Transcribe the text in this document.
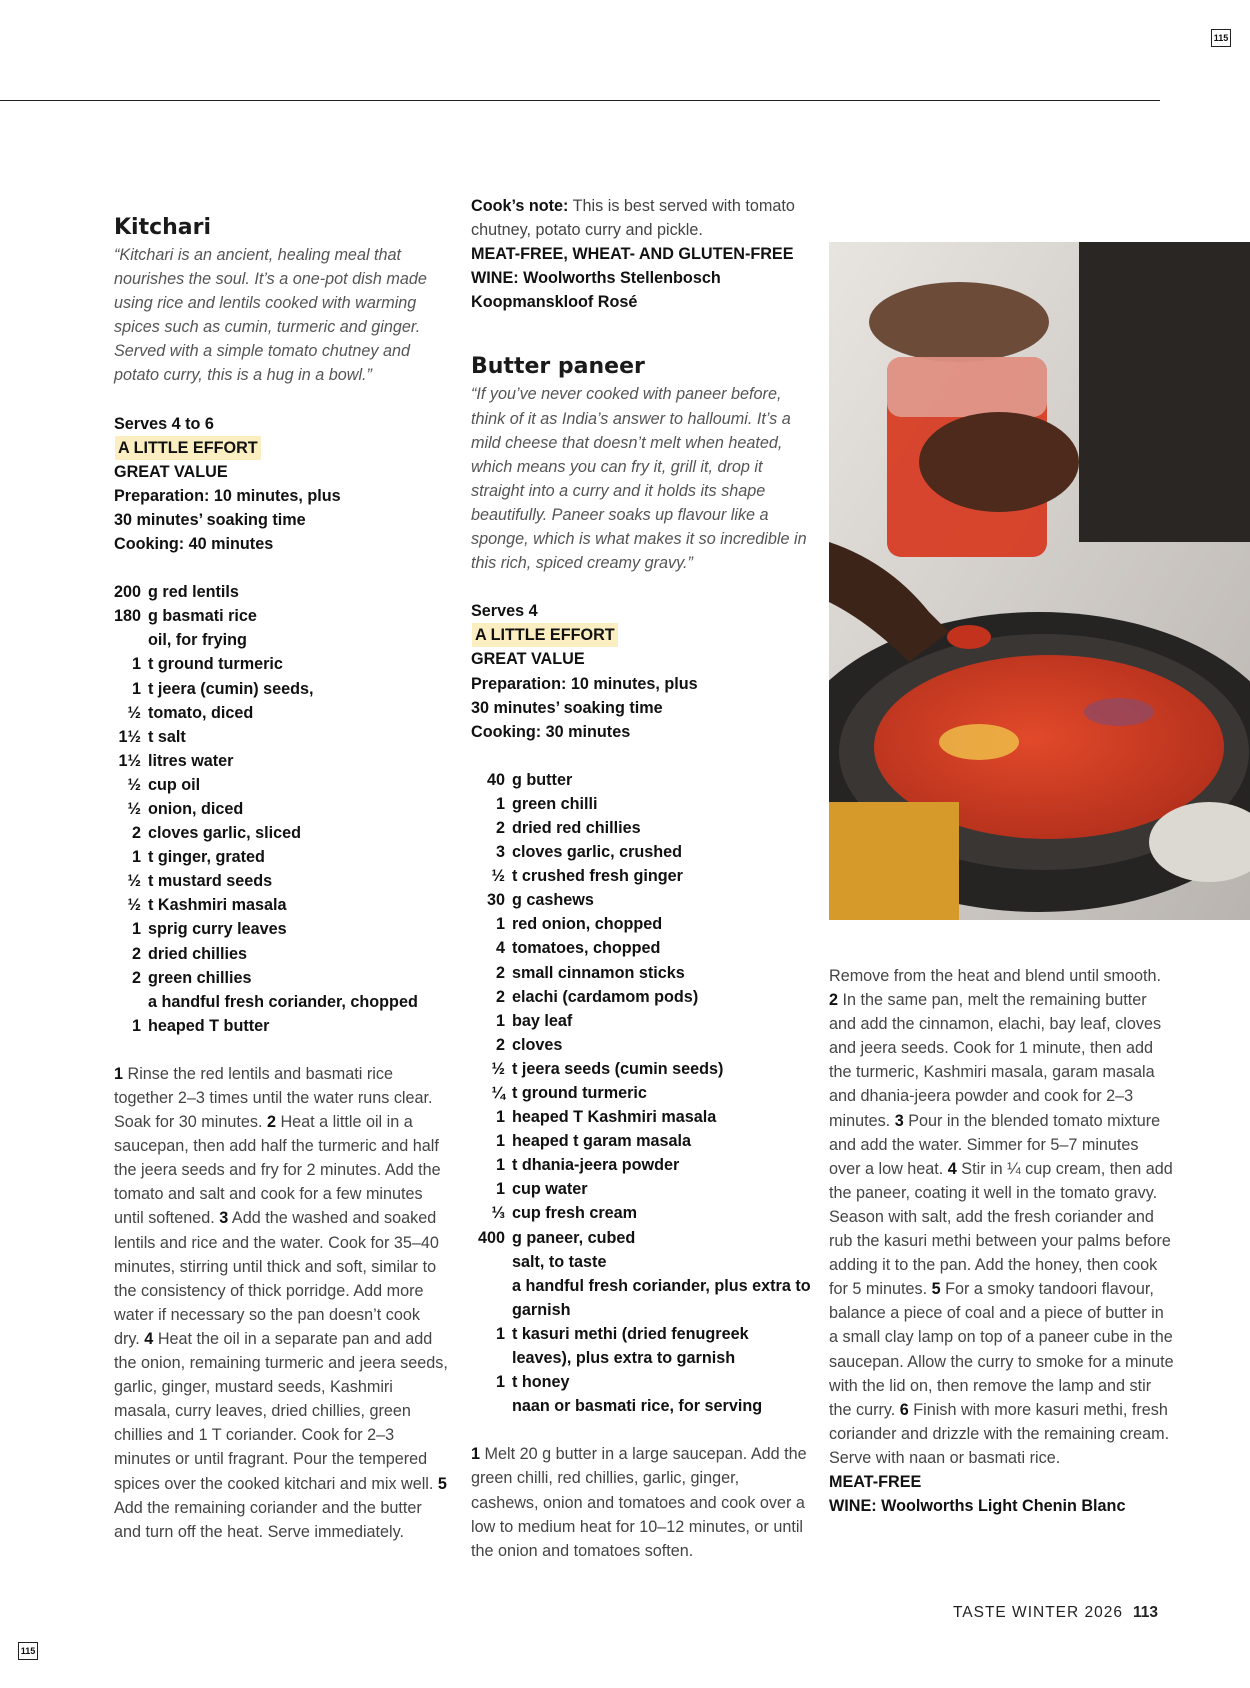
115
Kitchari

“Kitchari is an ancient, healing meal that nourishes the soul. It’s a one-pot dish made using rice and lentils cooked with warming spices such as cumin, turmeric and ginger. Served with a simple tomato chutney and potato curry, this is a hug in a bowl.”

Serves 4 to 6
A LITTLE EFFORT
GREAT VALUE
Preparation: 10 minutes, plus
30 minutes’ soaking time
Cooking: 40 minutes
200 g red lentils
180 g basmati rice
oil, for frying
1 t ground turmeric
1 t jeera (cumin) seeds,
½ tomato, diced
1½ t salt
1½ litres water
½ cup oil
½ onion, diced
2 cloves garlic, sliced
1 t ginger, grated
½ t mustard seeds
½ t Kashmiri masala
1 sprig curry leaves
2 dried chillies
2 green chillies
a handful fresh coriander, chopped
1 heaped T butter

1 Rinse the red lentils and basmati rice together 2–3 times until the water runs clear. Soak for 30 minutes. 2 Heat a little oil in a saucepan, then add half the turmeric and half the jeera seeds and fry for 2 minutes. Add the tomato and salt and cook for a few minutes until softened. 3 Add the washed and soaked lentils and rice and the water. Cook for 35–40 minutes, stirring until thick and soft, similar to the consistency of thick porridge. Add more water if necessary so the pan doesn’t cook dry. 4 Heat the oil in a separate pan and add the onion, remaining turmeric and jeera seeds, garlic, ginger, mustard seeds, Kashmiri masala, curry leaves, dried chillies, green chillies and 1 T coriander. Cook for 2–3 minutes or until fragrant. Pour the tempered spices over the cooked kitchari and mix well. 5 Add the remaining coriander and the butter and turn off the heat. Serve immediately.

Cook’s note: This is best served with tomato chutney, potato curry and pickle.

MEAT-FREE, WHEAT- AND GLUTEN-FREE
WINE: Woolworths Stellenbosch Koopmanskloof Rosé
Butter paneer

“If you’ve never cooked with paneer before, think of it as India’s answer to halloumi. It’s a mild cheese that doesn’t melt when heated, which means you can fry it, grill it, drop it straight into a curry and it holds its shape beautifully. Paneer soaks up flavour like a sponge, which is what makes it so incredible in this rich, spiced creamy gravy.”

Serves 4
A LITTLE EFFORT
GREAT VALUE
Preparation: 10 minutes, plus
30 minutes’ soaking time
Cooking: 30 minutes
40 g butter
1 green chilli
2 dried red chillies
3 cloves garlic, crushed
½ t crushed fresh ginger
30 g cashews
1 red onion, chopped
4 tomatoes, chopped
2 small cinnamon sticks
2 elachi (cardamom pods)
1 bay leaf
2 cloves
½ t jeera seeds (cumin seeds)
¼ t ground turmeric
1 heaped T Kashmiri masala
1 heaped t garam masala
1 t dhania-jeera powder
1 cup water
⅓ cup fresh cream
400 g paneer, cubed
salt, to taste
a handful fresh coriander, plus extra to garnish
1 t kasuri methi (dried fenugreek leaves), plus extra to garnish
1 t honey
naan or basmati rice, for serving

1 Melt 20 g butter in a large saucepan. Add the green chilli, red chillies, garlic, ginger, cashews, onion and tomatoes and cook over a low to medium heat for 10–12 minutes, or until the onion and tomatoes soften.

Remove from the heat and blend until smooth. 2 In the same pan, melt the remaining butter and add the cinnamon, elachi, bay leaf, cloves and jeera seeds. Cook for 1 minute, then add the turmeric, Kashmiri masala, garam masala and dhania-jeera powder and cook for 2–3 minutes. 3 Pour in the blended tomato mixture and add the water. Simmer for 5–7 minutes over a low heat. 4 Stir in ¼ cup cream, then add the paneer, coating it well in the tomato gravy. Season with salt, add the fresh coriander and rub the kasuri methi between your palms before adding it to the pan. Add the honey, then cook for 5 minutes. 5 For a smoky tandoori flavour, balance a piece of coal and a piece of butter in a small clay lamp on top of a paneer cube in the saucepan. Allow the curry to smoke for a minute with the lid on, then remove the lamp and stir the curry. 6 Finish with more kasuri methi, fresh coriander and drizzle with the remaining cream. Serve with naan or basmati rice.

MEAT-FREE
WINE: Woolworths Light Chenin Blanc
TASTE WINTER 2026 113
115
